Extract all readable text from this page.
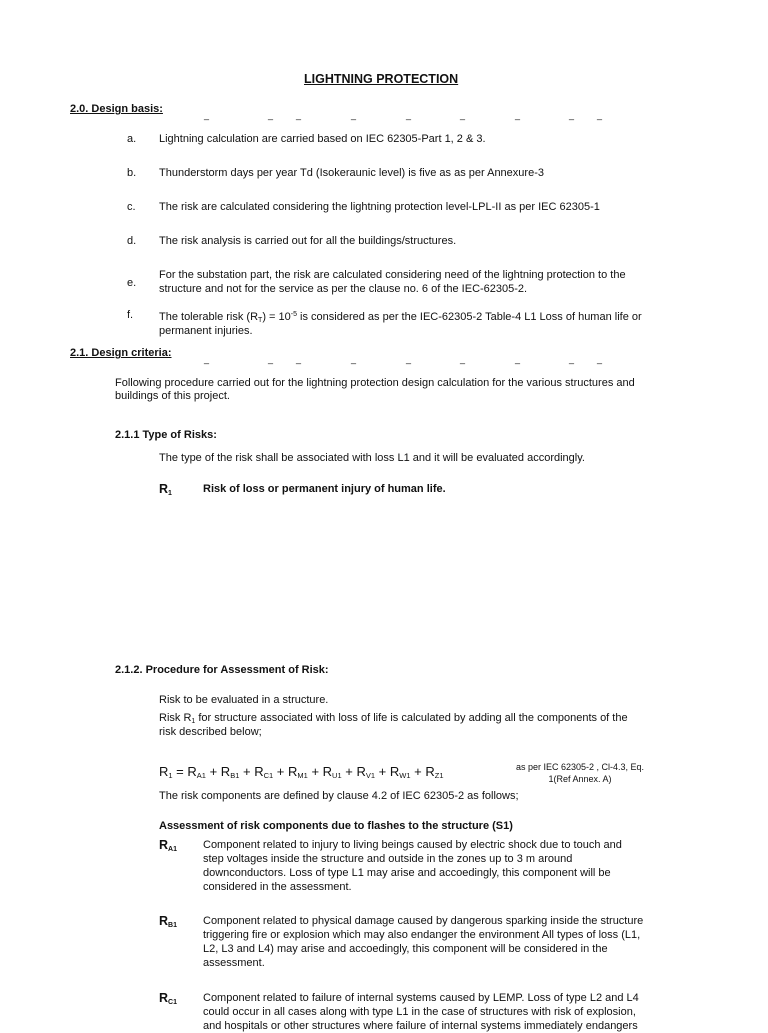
LIGHTNING PROTECTION
2.0. Design basis:	_	_	_	_	_	_	_	_	_
a. Lightning calculation are carried based on IEC 62305-Part 1, 2 & 3.
b. Thunderstorm days per year Td (Isokeraunic level) is five as as per Annexure-3
c. The risk are calculated considering the lightning protection level-LPL-II as per IEC 62305-1
d. The risk analysis is carried out for all the buildings/structures.
e.
For the substation part, the risk are calculated considering need of the lightning protection to the
structure and not for the service as per the clause no. 6 of the IEC-62305-2.
f. The tolerable risk $(RT) = 10^{-5}$ is considered as per the IEC-62305-2 Table-4 L1 Loss of human life or
permanent injuries.
2.1. Design criteria:	_	_	_	_	_	_	_	_	_
Following procedure carried out for the lightning protection design calculation for the various structures and
buildings of this project.
2.1.1 Type of Risks:
The type of the risk shall be associated with loss L1 and it will be evaluated accordingly.
R1	Risk of loss or permanent injury of human life.
2.1.2. Procedure for Assessment of Risk:
Risk to be evaluated in a structure.
Risk R1 for structure associated with loss of life is calculated by adding all the components of the
risk described below;
R1 = RA1 + RB1 + RC1 + RM1 + RU1 + RV1 + RW1 + RZ1
as per IEC 62305-2 , Cl-4.3, Eq.
1(Ref Annex. A)
The risk components are defined by clause 4.2 of IEC 62305-2 as follows;
Assessment of risk components due to flashes to the structure (S1)
RA1 Component related to injury to living beings caused by electric shock due to touch and
step voltages inside the structure and outside in the zones up to 3 m around
downconductors. Loss of type L1 may arise and accoedingly, this component will be
considered in the assessment.
RB1 Component related to physical damage caused by dangerous sparking inside the structure
triggering fire or explosion which may also endanger the environment All types of loss (L1,
L2, L3 and L4) may arise and accoedingly, this component will be considered in the
assessment.
RC1 Component related to failure of internal systems caused by LEMP. Loss of type L2 and L4
could occur in all cases along with type L1 in the case of structures with risk of explosion,
and hospitals or other structures where failure of internal systems immediately endangers
